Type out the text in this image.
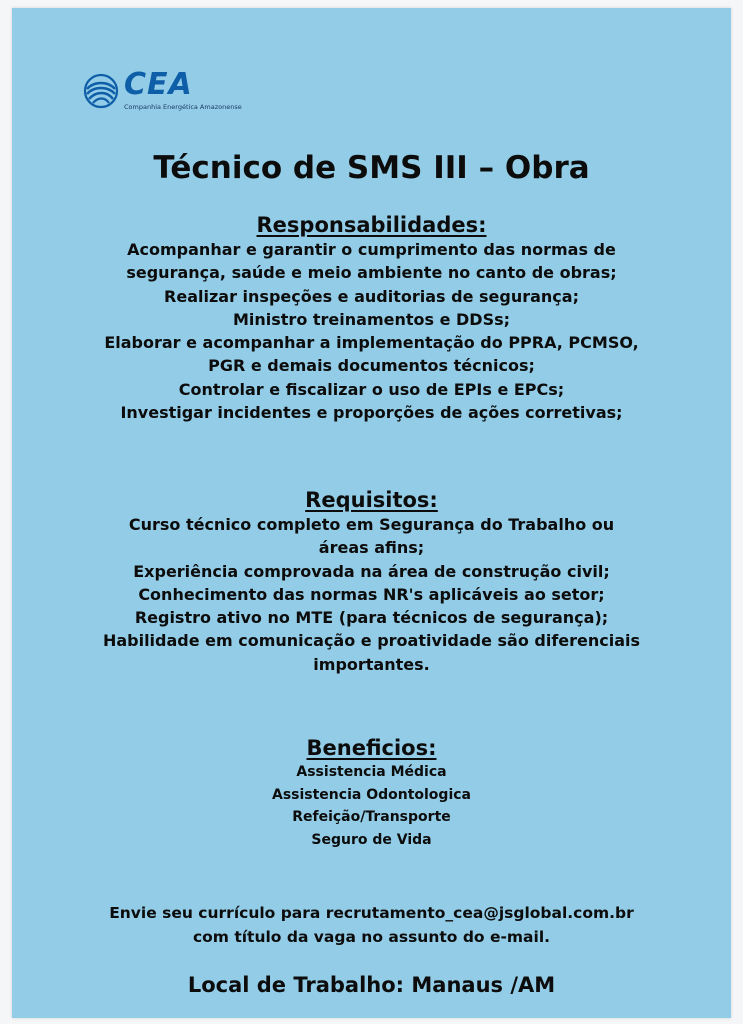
CEA
Companhia Energética Amazonense
Técnico de SMS III – Obra
Responsabilidades:
Acompanhar e garantir o cumprimento das normas de
segurança, saúde e meio ambiente no canto de obras;
Realizar inspeções e auditorias de segurança;
Ministro treinamentos e DDSs;
Elaborar e acompanhar a implementação do PPRA, PCMSO,
PGR e demais documentos técnicos;
Controlar e fiscalizar o uso de EPIs e EPCs;
Investigar incidentes e proporções de ações corretivas;
Requisitos:
Curso técnico completo em Segurança do Trabalho ou
áreas afins;
Experiência comprovada na área de construção civil;
Conhecimento das normas NR's aplicáveis ao setor;
Registro ativo no MTE (para técnicos de segurança);
Habilidade em comunicação e proatividade são diferenciais
importantes.
Beneficios:
Assistencia Médica
Assistencia Odontologica
Refeição/Transporte
Seguro de Vida
Envie seu currículo para recrutamento_cea@jsglobal.com.br
com título da vaga no assunto do e-mail.
Local de Trabalho: Manaus /AM
